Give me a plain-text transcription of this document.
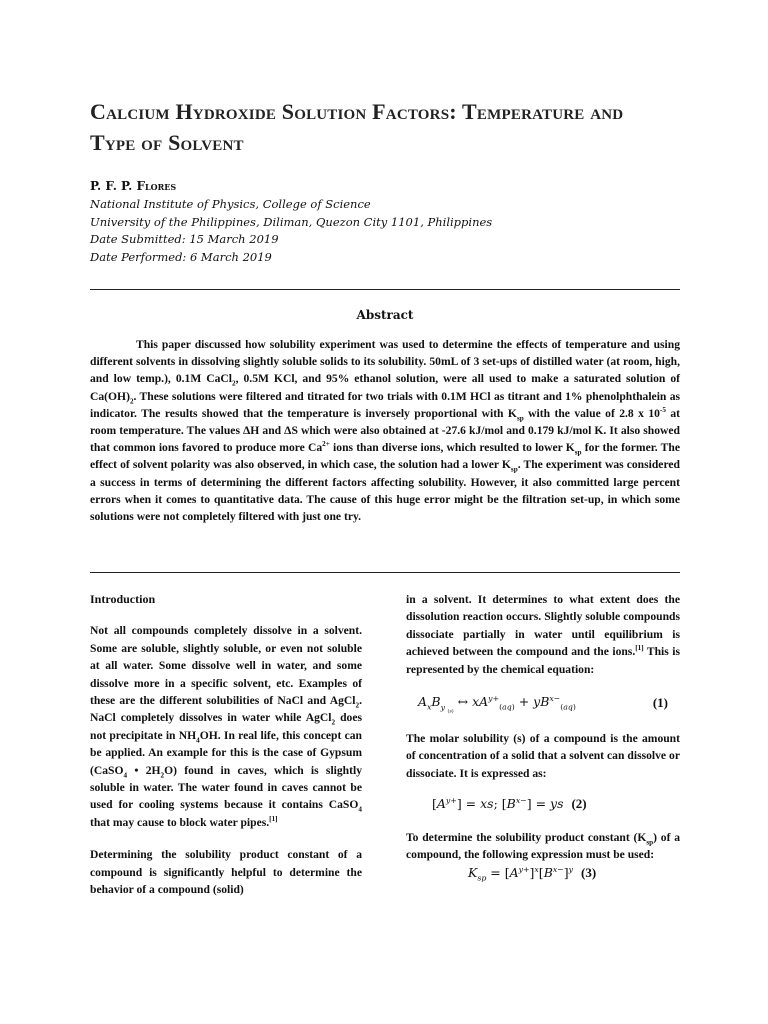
Calcium Hydroxide Solution Factors: Temperature and
Type of Solvent
P. F. P. Flores
National Institute of Physics, College of Science
University of the Philippines, Diliman, Quezon City 1101, Philippines
Date Submitted: 15 March 2019
Date Performed: 6 March 2019
Abstract

This paper discussed how solubility experiment was used to determine the effects of temperature and using different solvents in dissolving slightly soluble solids to its solubility. 50mL of 3 set-ups of distilled water (at room, high, and low temp.), 0.1M CaCl$_2$, 0.5M KCl, and 95% ethanol solution, were all used to make a saturated solution of $Ca(OH)_2$. These solutions were filtered and titrated for two trials with 0.1M HCl as titrant and 1% phenolphthalein as indicator. The results showed that the temperature is inversely proportional with $K_{sp}$ with the value of 2.8 x $10^{-5}$ at room temperature. The values ΔH and ΔS which were also obtained at -27.6 kJ/mol and 0.179 kJ/mol K. It also showed that common ions favored to produce more $Ca^{2+}$ ions than diverse ions, which resulted to lower $K_{sp}$ for the former. The effect of solvent polarity was also observed, in which case, the solution had a lower $K_{sp}$. The experiment was considered a success in terms of determining the different factors affecting solubility. However, it also committed large percent errors when it comes to quantitative data. The cause of this huge error might be the filtration set-up, in which some solutions were not completely filtered with just one try.

Introduction

Not all compounds completely dissolve in a solvent. Some are soluble, slightly soluble, or even not soluble at all water. Some dissolve well in water, and some dissolve more in a specific solvent, etc. Examples of these are the different solubilities of NaCl and AgCl$_2$. NaCl completely dissolves in water while AgCl$_2$ does not precipitate in $NH_4OH$. In real life, this concept can be applied. An example for this is the case of Gypsum (CaSO$_4$ • $2H_2O$) found in caves, which is slightly soluble in water. The water found in caves cannot be used for cooling systems because it contains CaSO$_4$ that may cause to block water pipes.[1]

Determining the solubility product constant of a compound is significantly helpful to determine the behavior of a compound (solid)

in a solvent. It determines to what extent does the dissolution reaction occurs. Slightly soluble compounds dissociate partially in water until equilibrium is achieved between the compound and the ions.[1] This is represented by the chemical equation:

$A_xB_{y _{(s)}}$ ↔ $xA^{y+}_{(aq)} + yB^{x-}_{(aq)}$	(1)

The molar solubility (s) of a compound is the amount of concentration of a solid that a solvent can dissolve or dissociate. It is expressed as:

$[A^{y+}]$ = xs; $[B^{x-}]$ = ys
(2)

To determine the solubility product constant $(K_{sp})$ of a compound, the following expression must be used:

$K_{sp} = [A^{y+}]^x[B^{x-}]^y$
(3)
